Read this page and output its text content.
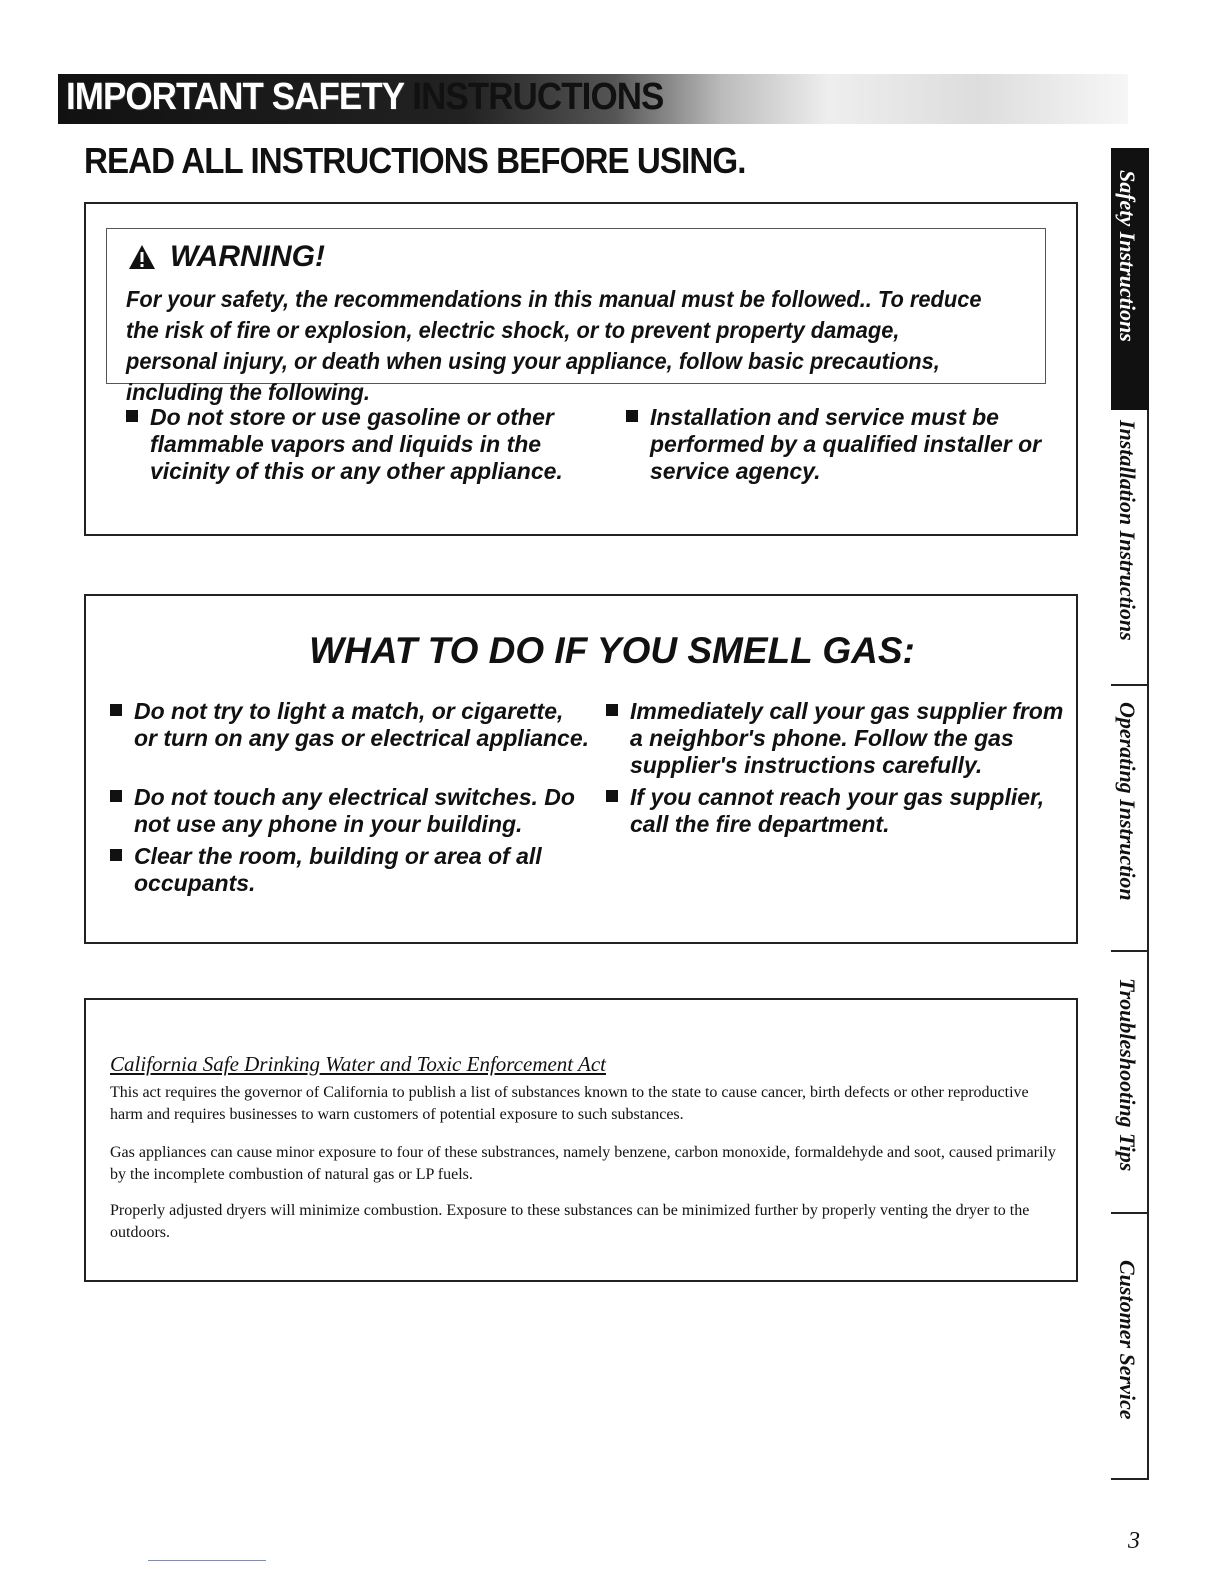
IMPORTANT SAFETY INSTRUCTIONS
READ ALL INSTRUCTIONS BEFORE USING.
WARNING!
For your safety, the recommendations in this manual must be followed.. To reduce the risk of fire or explosion, electric shock, or to prevent property damage, personal injury, or death when using your appliance, follow basic precautions, including the following.
Do not store or use gasoline or other flammable vapors and liquids in the vicinity of this or any other appliance.
Installation and service must be performed by a qualified installer or service agency.
WHAT TO DO IF YOU SMELL GAS:
Do not try to light a match, or cigarette, or turn on any gas or electrical appliance.
Do not touch any electrical switches. Do not use any phone in your building.
Clear the room, building or area of all occupants.
Immediately call your gas supplier from a neighbor's phone. Follow the gas supplier's instructions carefully.
If you cannot reach your gas supplier, call the fire department.
California Safe Drinking Water and Toxic Enforcement Act
This act requires the governor of California to publish a list of substances known to the state to cause cancer, birth defects or other reproductive harm and requires businesses to warn customers of potential exposure to such substances.
Gas appliances can cause minor exposure to four of these substrances, namely benzene, carbon monoxide, formaldehyde and soot, caused primarily by the incomplete combustion of natural gas or LP fuels.
Properly adjusted dryers will minimize combustion. Exposure to these substances can be minimized further by properly venting the dryer to the outdoors.
Safety Instructions
Installation Instructions
Operating Instruction
Troubleshooting Tips
Customer Service
3
